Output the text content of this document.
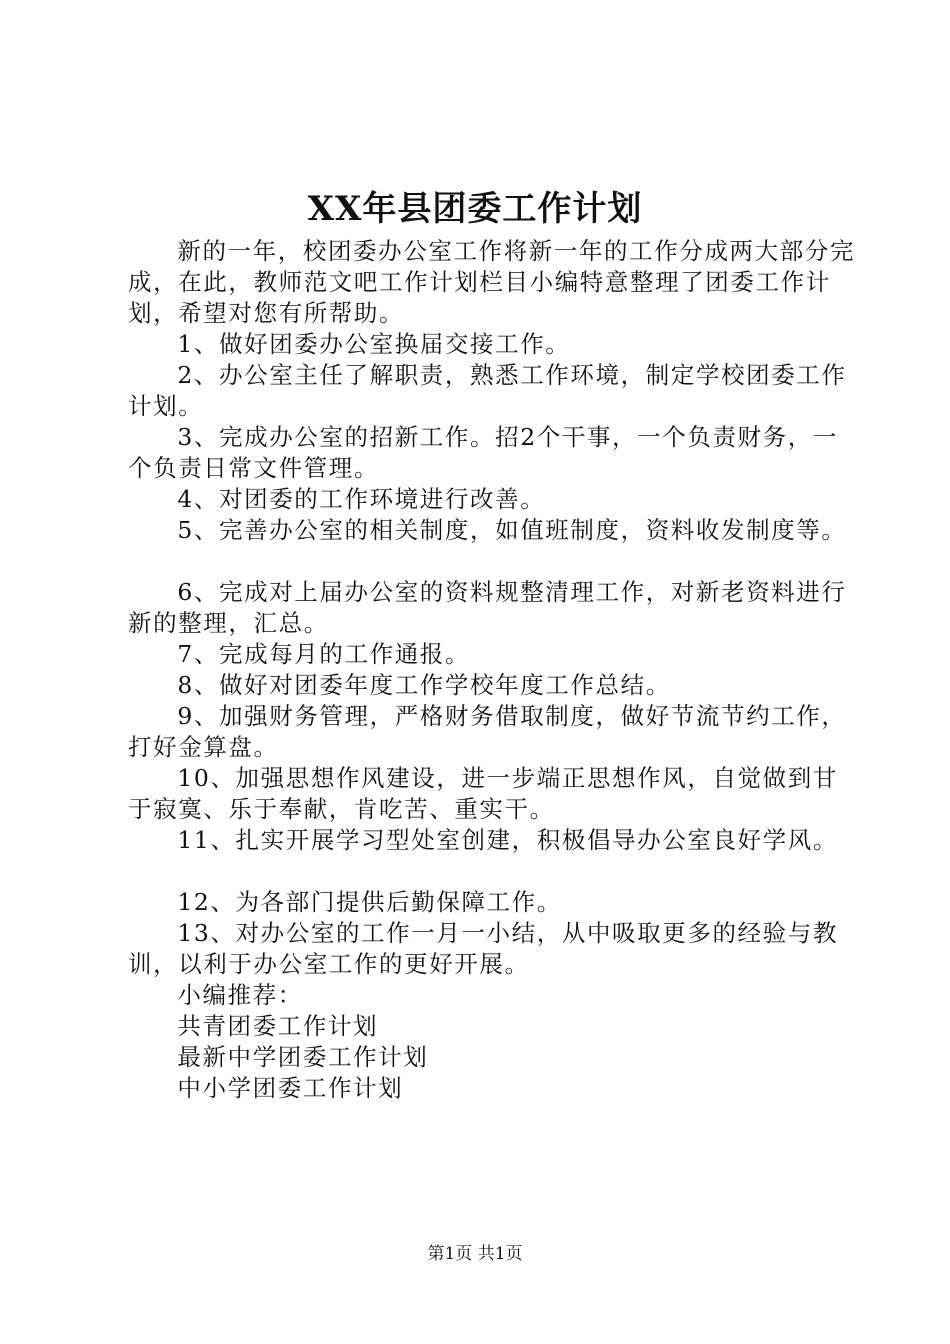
XX年县团委工作计划

新的一年，校团委办公室工作将新一年的工作分成两大部分完成，在此，教师范文吧工作计划栏目小编特意整理了团委工作计划，希望对您有所帮助。

1、做好团委办公室换届交接工作。

2、办公室主任了解职责，熟悉工作环境，制定学校团委工作计划。

3、完成办公室的招新工作。招2个干事，一个负责财务，一个负责日常文件管理。

4、对团委的工作环境进行改善。

5、完善办公室的相关制度，如值班制度，资料收发制度等。

6、完成对上届办公室的资料规整清理工作，对新老资料进行新的整理，汇总。

7、完成每月的工作通报。

8、做好对团委年度工作学校年度工作总结。

9、加强财务管理，严格财务借取制度，做好节流节约工作，打好金算盘。

10、加强思想作风建设，进一步端正思想作风，自觉做到甘于寂寞、乐于奉献，肯吃苦、重实干。

11、扎实开展学习型处室创建，积极倡导办公室良好学风。

12、为各部门提供后勤保障工作。

13、对办公室的工作一月一小结，从中吸取更多的经验与教训，以利于办公室工作的更好开展。

小编推荐：

共青团委工作计划

最新中学团委工作计划

中小学团委工作计划

第1页 共1页
